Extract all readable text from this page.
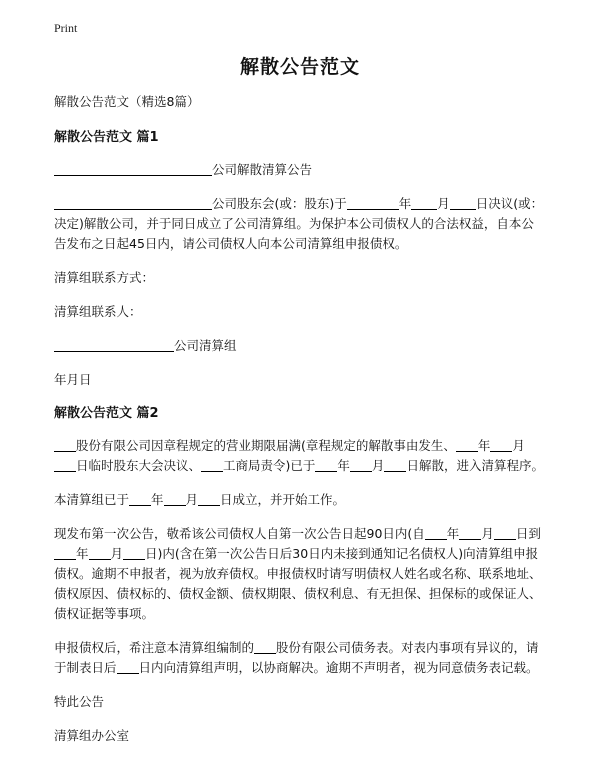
Print
解散公告范文

解散公告范文（精选8篇）

解散公告范文 篇1

公司解散清算公告

公司股东会(或：股东)于	年 月 日决议(或：决定)解散公司，并于同日成立了公司清算组。为保护本公司债权人的合法权益，自本公告发布之日起45日内，请公司债权人向本公司清算组申报债权。

清算组联系方式：

清算组联系人：

公司清算组

年月日

解散公告范文 篇2

股份有限公司因章程规定的营业期限届满(章程规定的解散事由发生、 年 月日临时股东大会决议、 工商局责令)已于 年 月 日解散，进入清算程序。

本清算组已于 年 月 日成立，并开始工作。

现发布第一次公告，敬希该公司债权人自第一次公告日起90日内(自 年 月 日到年 月 日)内(含在第一次公告日后30日内未接到通知记名债权人)向清算组申报债权。逾期不申报者，视为放弃债权。申报债权时请写明债权人姓名或名称、联系地址、债权原因、债权标的、债权金额、债权期限、债权利息、有无担保、担保标的或保证人、债权证据等事项。

申报债权后，希注意本清算组编制的 股份有限公司债务表。对表内事项有异议的，请于制表日后 日内向清算组声明，以协商解决。逾期不声明者，视为同意债务表记载。

特此公告

清算组办公室
